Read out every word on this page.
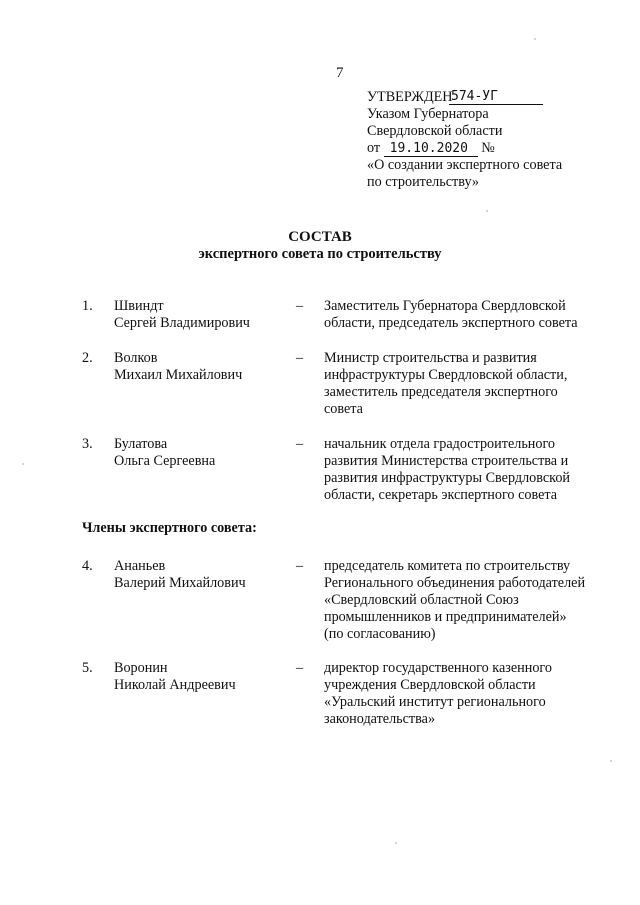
7
УТВЕРЖДЕН
Указом Губернатора
Свердловской области
от 19.10.2020 №
574-УГ
«О создании экспертного совета
по строительству»
СОСТАВ
экспертного совета по строительству
1. Швиндт
Сергей Владимирович
– Заместитель Губернатора Свердловской
области, председатель экспертного совета
2. Волков
Михаил Михайлович
– Министр строительства и развития
инфраструктуры Свердловской области,
заместитель председателя экспертного
совета
3. Булатова
Ольга Сергеевна
– начальник отдела градостроительного
развития Министерства строительства и
развития инфраструктуры Свердловской
области, секретарь экспертного совета
Члены экспертного совета:
4. Ананьев
Валерий Михайлович
– председатель комитета по строительству
Регионального объединения работодателей
«Свердловский областной Союз
промышленников и предпринимателей»
(по согласованию)
5. Воронин
Николай Андреевич
– директор государственного казенного
учреждения Свердловской области
«Уральский институт регионального
законодательства»
